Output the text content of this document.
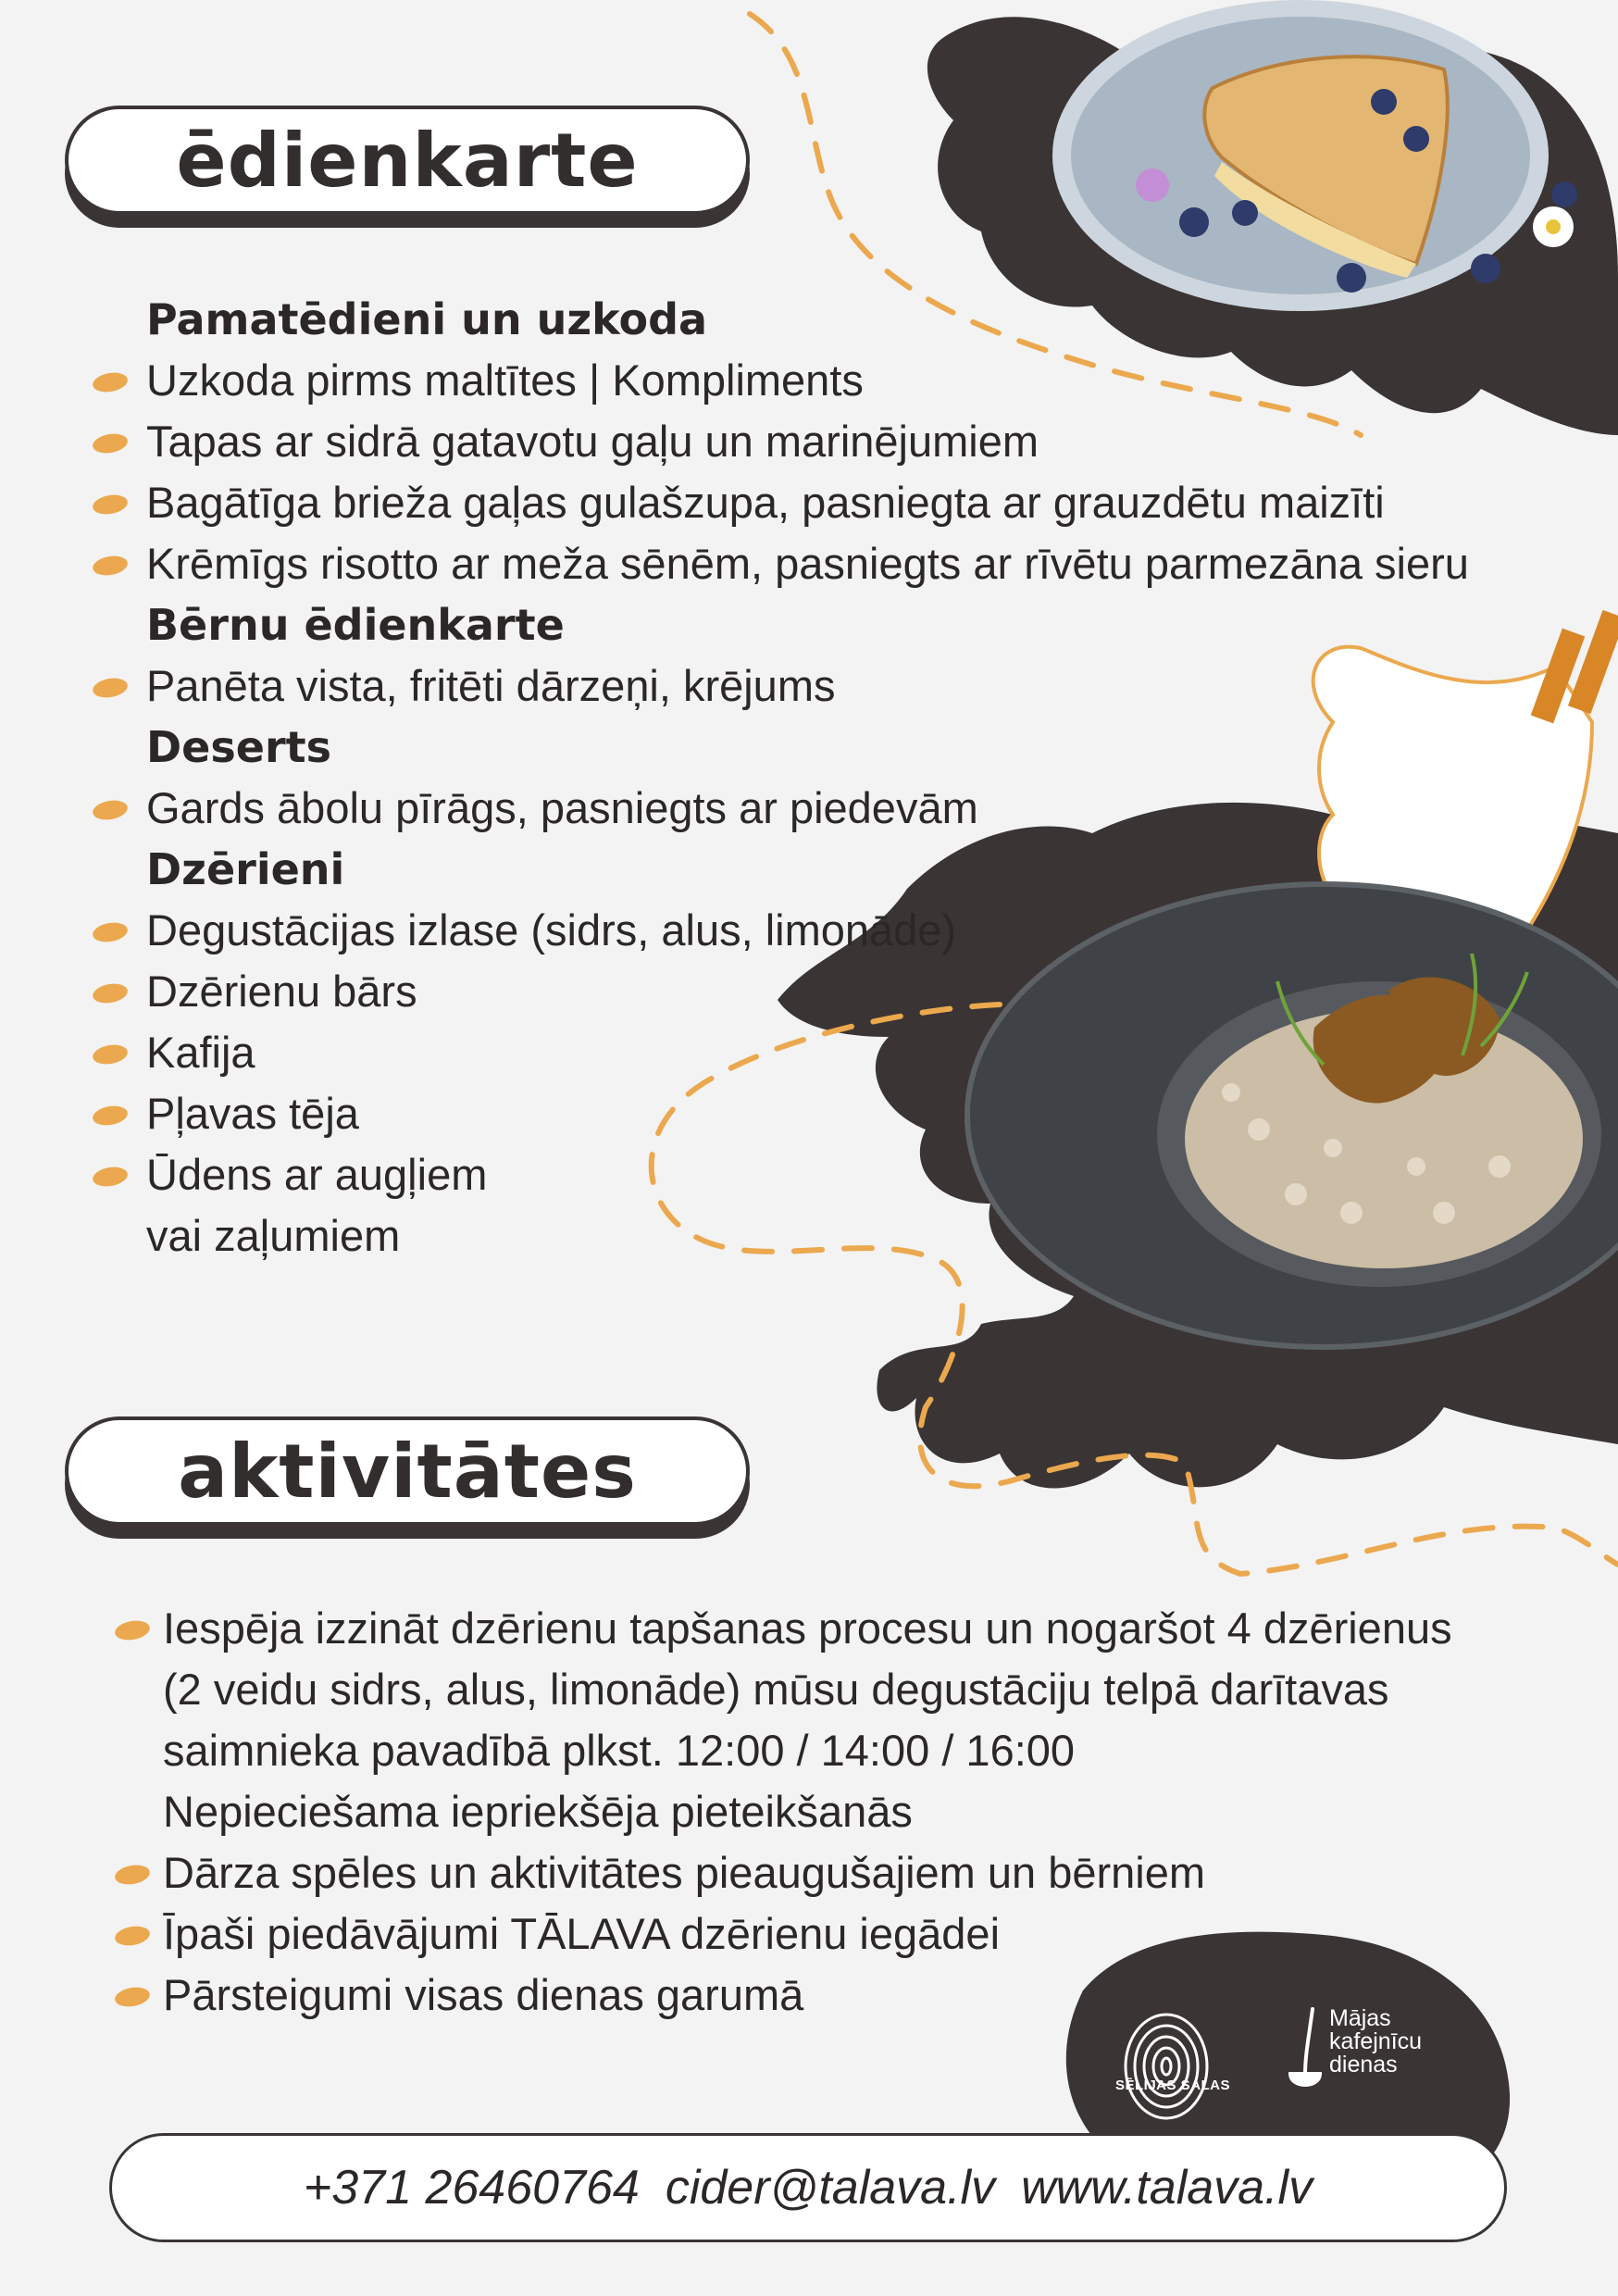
ēdienkarte
Pamatēdieni un uzkoda
Uzkoda pirms maltītes | Kompliments
Tapas ar sidrā gatavotu gaļu un marinējumiem
Bagātīga brieža gaļas gulašzupa, pasniegta ar grauzdētu maizīti
Krēmīgs risotto ar meža sēnēm, pasniegts ar rīvētu parmezāna sieru
Bērnu ēdienkarte
Panēta vista, fritēti dārzeņi, krējums
Deserts
Gards ābolu pīrāgs, pasniegts ar piedevām
Dzērieni
Degustācijas izlase (sidrs, alus, limonāde)
Dzērienu bārs
Kafija
Pļavas tēja
Ūdens ar augļiem
vai zaļumiem
aktivitātes
Iespēja izzināt dzērienu tapšanas procesu un nogaršot 4 dzērienus
(2 veidu sidrs, alus, limonāde) mūsu degustāciju telpā darītavas
saimnieka pavadībā plkst. 12:00 / 14:00 / 16:00
Nepieciešama iepriekšēja pieteikšanās
Dārza spēles un aktivitātes pieaugušajiem un bērniem
Īpaši piedāvājumi TĀLAVA dzērienu iegādei
Pārsteigumi visas dienas garumā
SĒLIJAS SALAS
Mājas
kafejnīcu
dienas
+371 26460764 cider@talava.lv www.talava.lv
